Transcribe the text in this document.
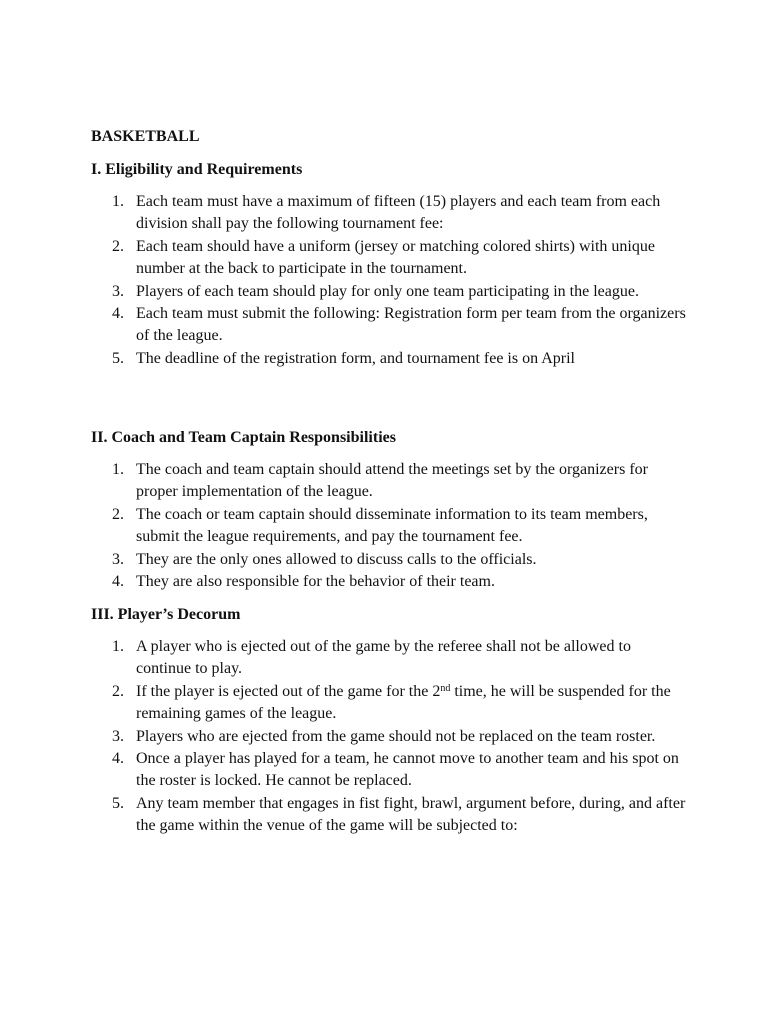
BASKETBALL
I. Eligibility and Requirements
1. Each team must have a maximum of fifteen (15) players and each team from each division shall pay the following tournament fee:
2. Each team should have a uniform (jersey or matching colored shirts) with unique number at the back to participate in the tournament.
3. Players of each team should play for only one team participating in the league.
4. Each team must submit the following: Registration form per team from the organizers of the league.
5. The deadline of the registration form, and tournament fee is on April
II. Coach and Team Captain Responsibilities
1. The coach and team captain should attend the meetings set by the organizers for proper implementation of the league.
2. The coach or team captain should disseminate information to its team members, submit the league requirements, and pay the tournament fee.
3. They are the only ones allowed to discuss calls to the officials.
4. They are also responsible for the behavior of their team.
III. Player’s Decorum
1. A player who is ejected out of the game by the referee shall not be allowed to continue to play.
2. If the player is ejected out of the game for the 2nd time, he will be suspended for the remaining games of the league.
3. Players who are ejected from the game should not be replaced on the team roster.
4. Once a player has played for a team, he cannot move to another team and his spot on the roster is locked. He cannot be replaced.
5. Any team member that engages in fist fight, brawl, argument before, during, and after the game within the venue of the game will be subjected to:
